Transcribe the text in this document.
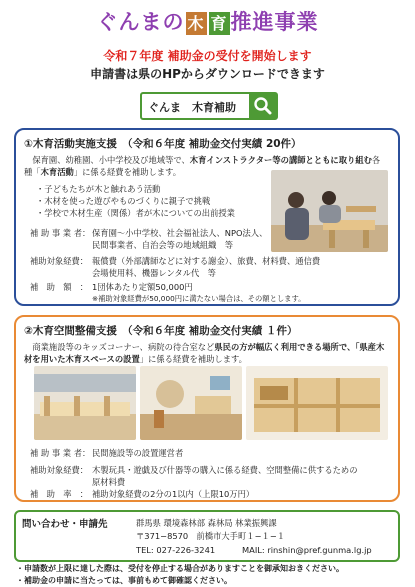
ぐんまの 木 育 推進事業
令和７年度 補助金の受付を開始します
申請書は県のHPからダウンロードできます
ぐんま　木育補助
①木育活動実施支援　（令和６年度 補助金交付実績 20件）
　保育園、幼稚園、小中学校及び地域等で、木育インストラクター等の講師とともに取り組む各種「木育活動」に係る経費を補助します。
・子どもたちが木と触れあう活動
・木材を使った遊びやものづくりに親子で挑戦
・学校で木材生産（関係）者が木についての出前授業
補 助 事 業 者： 保育園〜小中学校、社会福祉法人、NPO法人、
民間事業者、自治会等の地域組織　等
補助対象経費： 報償費（外部講師などに対する謝金）、旅費、材料費、通信費
会場使用料、機器レンタル代　等
補　助　額　： 1団体あたり定額50,000円
※補助対象経費が50,000円に満たない場合は、その額とします。
②木育空間整備支援　（令和６年度 補助金交付実績 １件）
　商業施設等のキッズコーナー、病院の待合室など県民の方が幅広く利用できる場所で、「県産木材を用いた木育スペースの設置」に係る経費を補助します。
補 助 事 業 者： 民間施設等の設置運営者
補助対象経費： 木製玩具・遊戯及び什器等の購入に係る経費、空間整備に供するための
原材料費
補　助　率　： 補助対象経費の2分の1以内（上限10万円）
問い合わせ・申請先	群馬県 環境森林部 森林局 林業振興課
〒371−8570　前橋市大手町１−１−１
TEL: 027-226-3241	MAIL: rinshin@pref.gunma.lg.jp
・申請数が上限に達した際は、受付を停止する場合がありますことを御承知おきください。
・補助金の申請に当たっては、事前もめて御確認ください。
